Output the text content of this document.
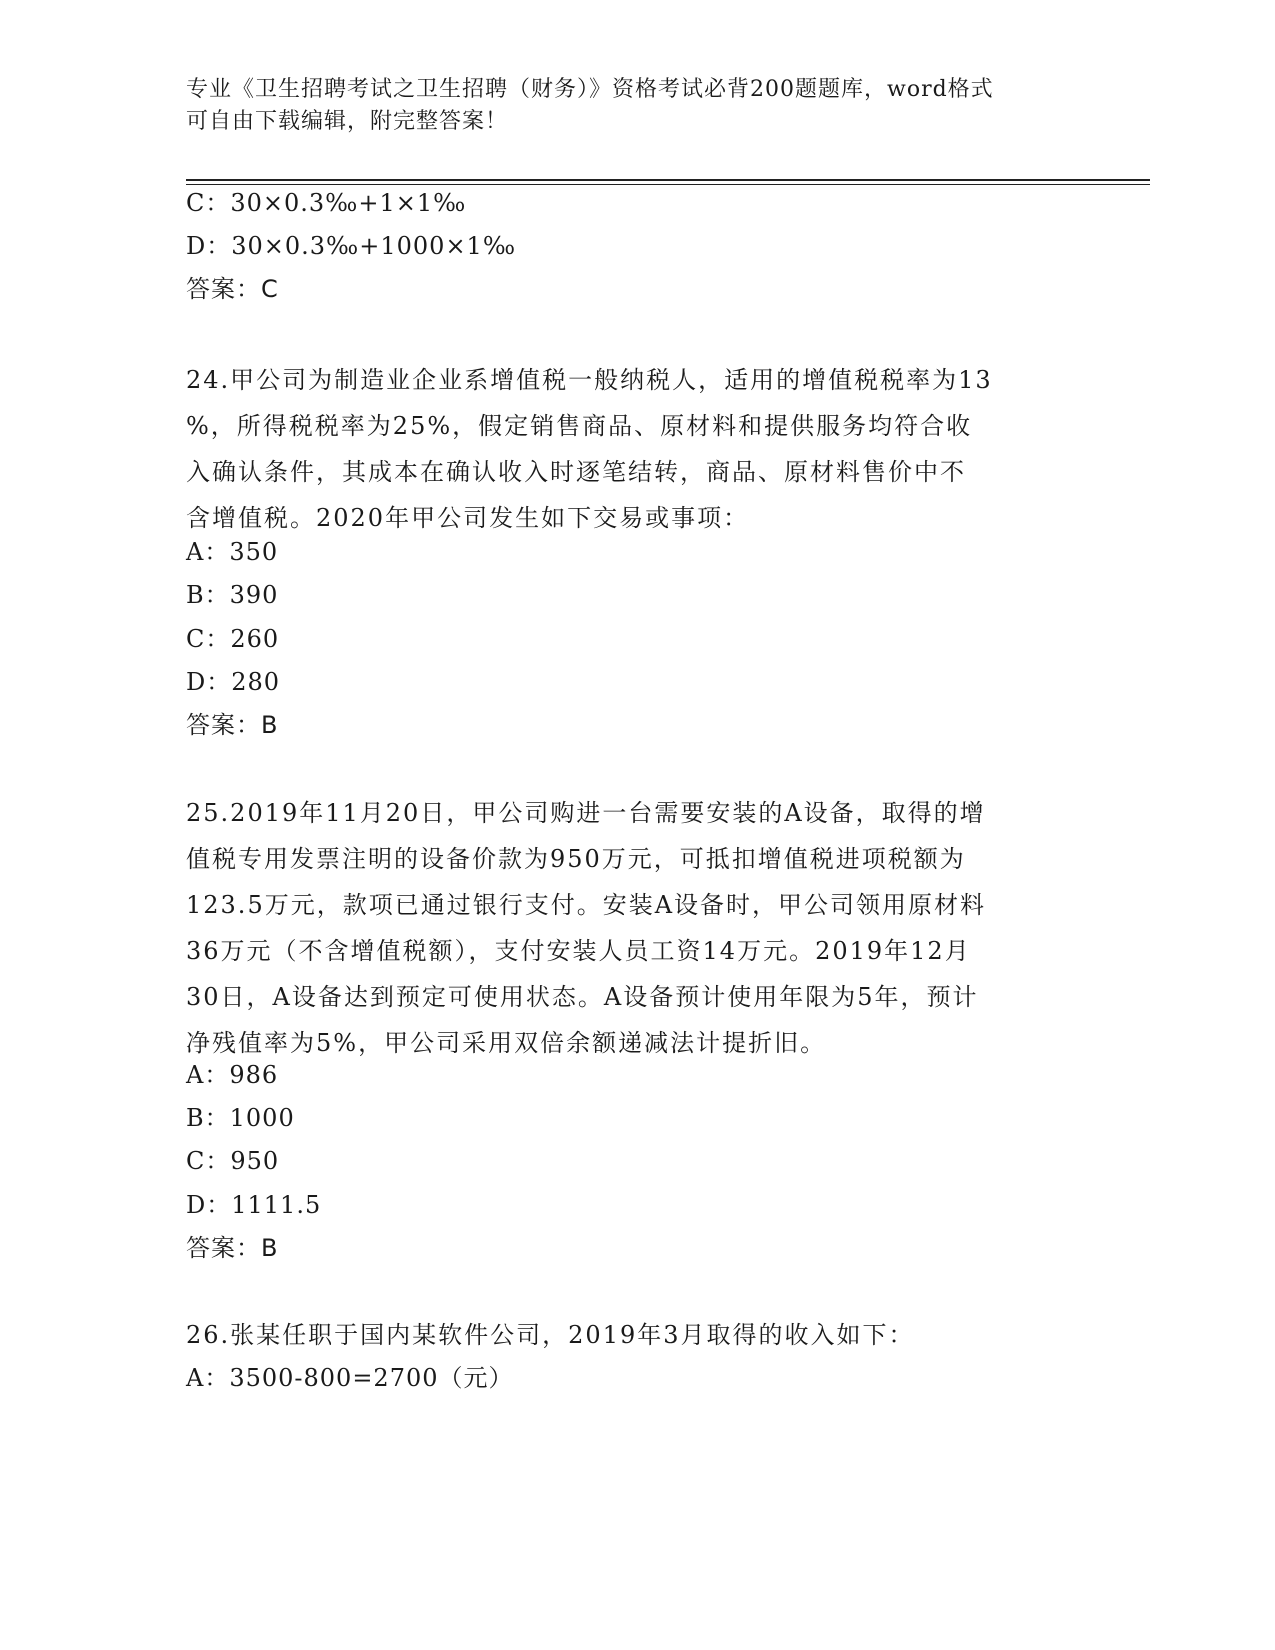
专业《卫生招聘考试之卫生招聘（财务）》资格考试必背200题题库，word格式
可自由下载编辑，附完整答案！
C：30×0.3‰+1×1‰
D：30×0.3‰+1000×1‰
答案：C

24.甲公司为制造业企业系增值税一般纳税人，适用的增值税税率为13

%，所得税税率为25%，假定销售商品、原材料和提供服务均符合收

入确认条件，其成本在确认收入时逐笔结转，商品、原材料售价中不

含增值税。2020年甲公司发生如下交易或事项：

A：350
B：390
C：260
D：280
答案：B

25.2019年11月20日，甲公司购进一台需要安装的A设备，取得的增

值税专用发票注明的设备价款为950万元，可抵扣增值税进项税额为

123.5万元，款项已通过银行支付。安装A设备时，甲公司领用原材料

36万元（不含增值税额），支付安装人员工资14万元。2019年12月

30日，A设备达到预定可使用状态。A设备预计使用年限为5年，预计

净残值率为5%，甲公司采用双倍余额递减法计提折旧。

A：986
B：1000
C：950
D：1111.5
答案：B
26.张某任职于国内某软件公司，2019年3月取得的收入如下：
A：3500-800=2700（元）
